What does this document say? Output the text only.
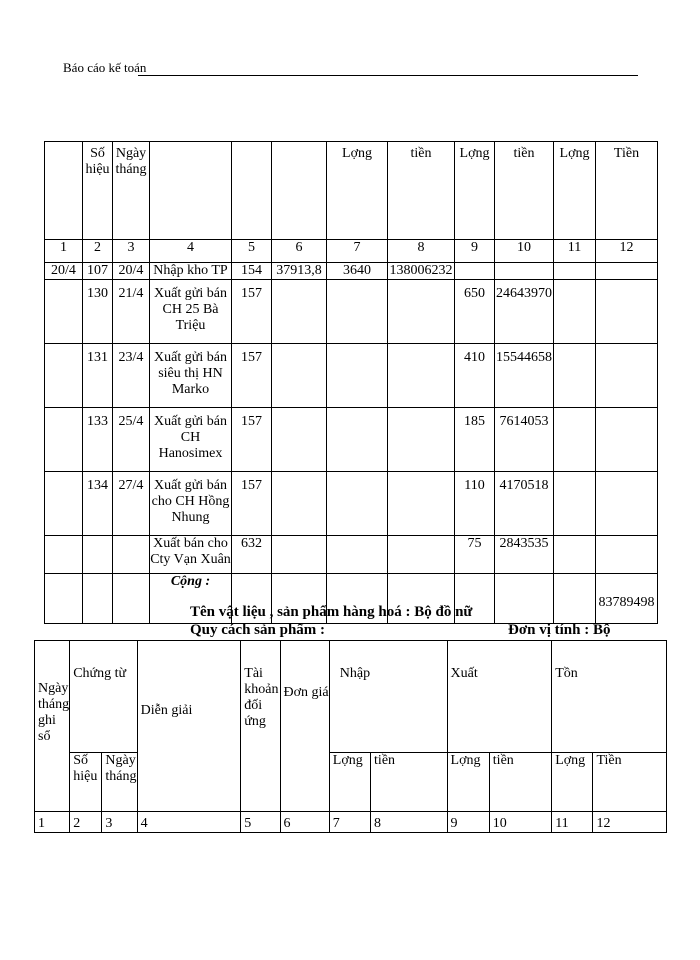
Báo cáo kế toán
	Số hiệu	Ngày tháng				Lợng	tiền	Lợng	tiền	Lợng	Tiền
1	2	3	4	5	6	7	8	9	10	11	12
20/4	107	20/4	Nhập kho TP	154	37913,8	3640	138006232				
	130	21/4	Xuất gửi bán CH 25 Bà Triệu	157				650	24643970		
	131	23/4	Xuất gửi bán siêu thị HN Marko	157				410	15544658		
	133	25/4	Xuất gửi bán CH Hanosimex	157				185	7614053		
	134	27/4	Xuất gửi bán cho CH Hồng Nhung	157				110	4170518		
			Xuất bán cho Cty Vạn Xuân	632				75	2843535		
			Cộng :								83789498
Tên vật liệu , sản phẩm hàng hoá : Bộ đồ nữ
Quy cách sản phẩm :	Đơn vị tính : Bộ
Ngày tháng ghi sổ	Chứng từ		Diễn giải	Tài khoản đối ứng	Đơn giá	Nhập		Xuất		Tồn	
	Số hiệu	Ngày tháng				Lợng	tiền	Lợng	tiền	Lợng	Tiền
1	2	3	4	5	6	7	8	9	10	11	12
